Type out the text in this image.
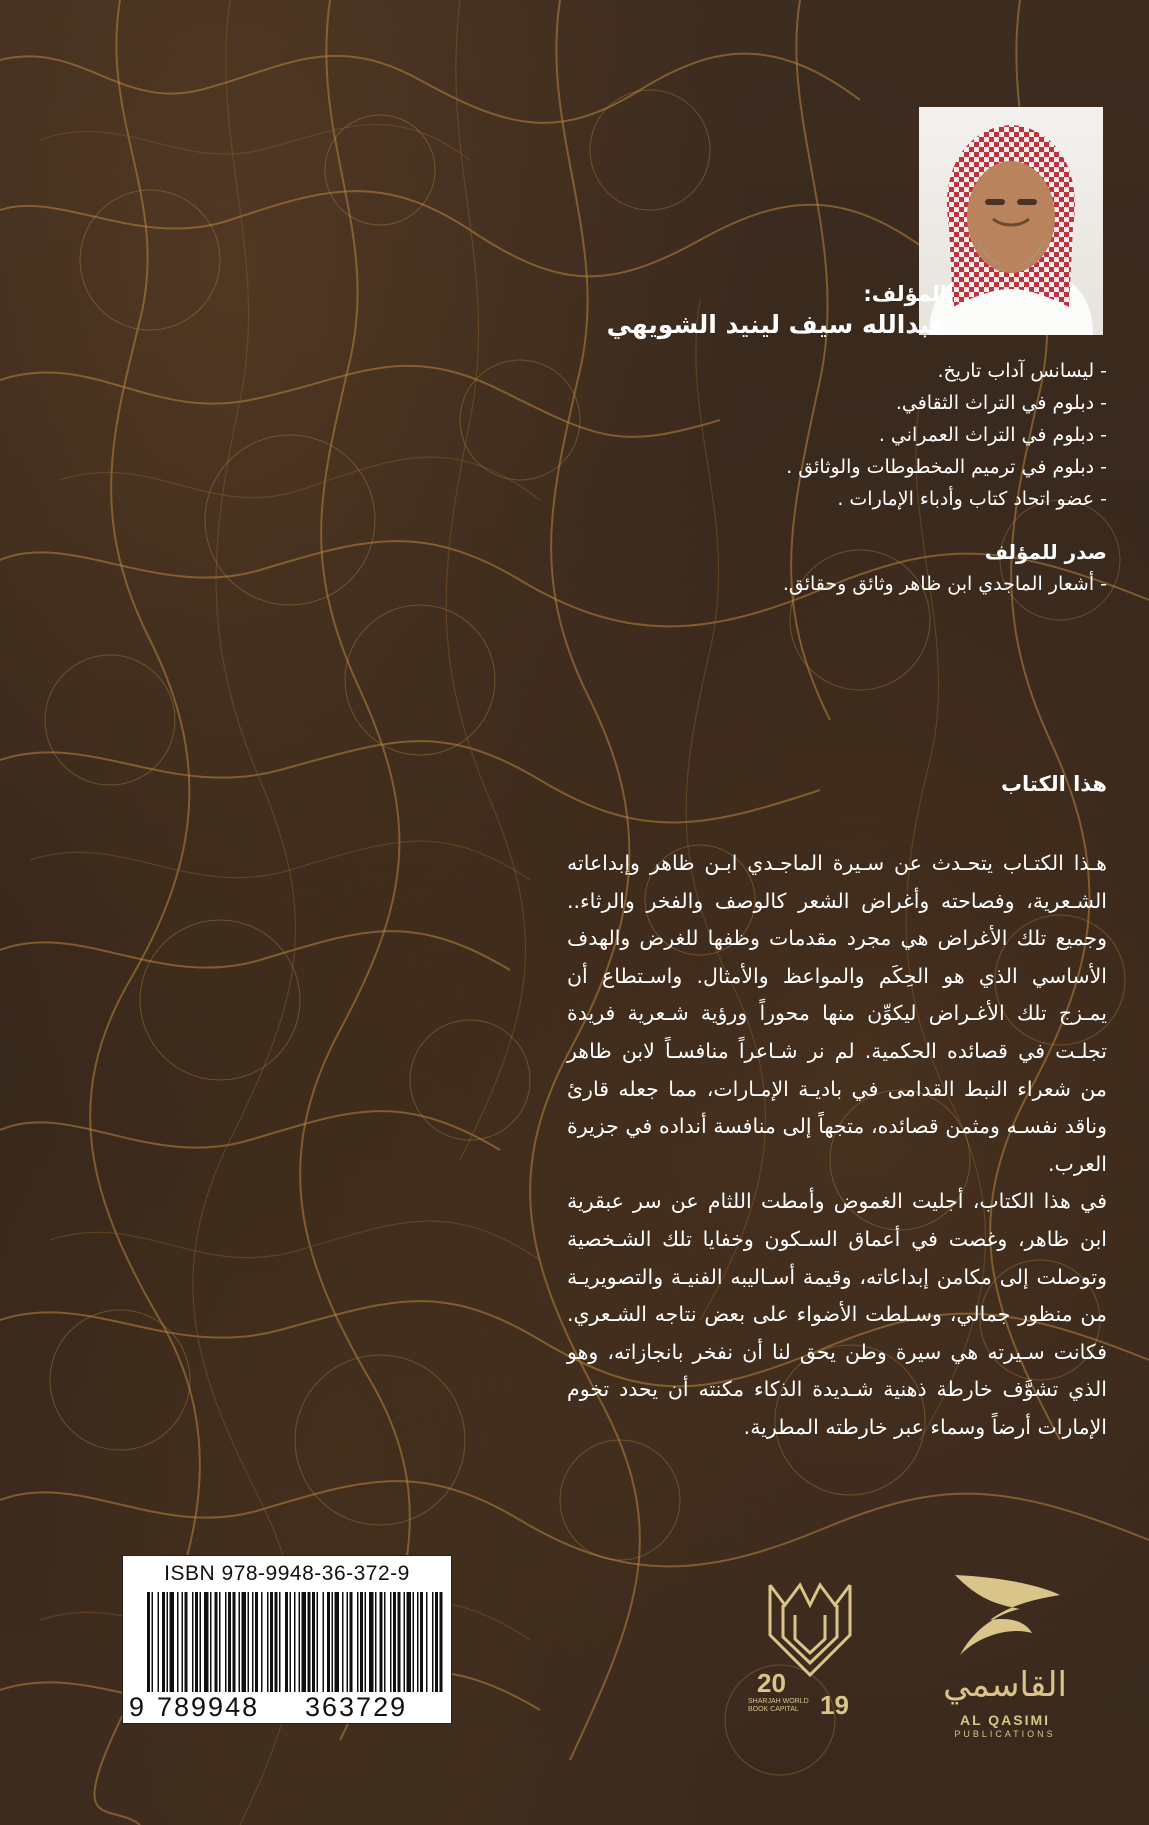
المؤلف:
عبدالله سيف لينيد الشويهي
- ليسانس آداب تاريخ.
- دبلوم في التراث الثقافي.
- دبلوم في التراث العمراني .
- دبلوم في ترميم المخطوطات والوثائق .
- عضو اتحاد كتاب وأدباء الإمارات .
صدر للمؤلف
- أشعار الماجدي ابن ظاهر وثائق وحقائق.
هذا الكتاب
هـذا الكتـاب يتحـدث عن سـيرة الماجـدي ابـن ظاهر وإبداعاته الشـعرية، وفصاحته وأغراض الشعر كالوصف والفخر والرثاء.. وجميع تلك الأغراض هي مجرد مقدمات وظفها للغرض والهدف الأساسي الذي هو الحِكَم والمواعظ والأمثال. واسـتطاع أن يمـزج تلك الأغـراض ليكوِّن منها محوراً ورؤية شـعرية فريدة تجلـت في قصائده الحكمية. لم نر شـاعراً منافسـاً لابن ظاهر من شعراء النبط القدامى في باديـة الإمـارات، مما جعله قارئ وناقد نفسـه ومثمن قصائده، متجهاً إلى منافسة أنداده في جزيرة العرب.
في هذا الكتاب، أجليت الغموض وأمطت اللثام عن سر عبقرية ابن ظاهر، وغصت في أعماق السـكون وخفايا تلك الشـخصية وتوصلت إلى مكامن إبداعاته، وقيمة أسـاليبه الفنيـة والتصويريـة من منظور جمالي، وسـلطت الأضواء على بعض نتاجه الشـعري. فكانت سـيرته هي سيرة وطن يحق لنا أن نفخر بانجازاته، وهو الذي تشوَّف خارطة ذهنية شـديدة الذكاء مكنته أن يحدد تخوم الإمارات أرضاً وسماء عبر خارطته المطرية.
ISBN 978-9948-36-372-9
9 789948 363729
20
19
SHARJAH WORLD BOOK CAPITAL
القاسمي
AL QASIMI
PUBLICATIONS
